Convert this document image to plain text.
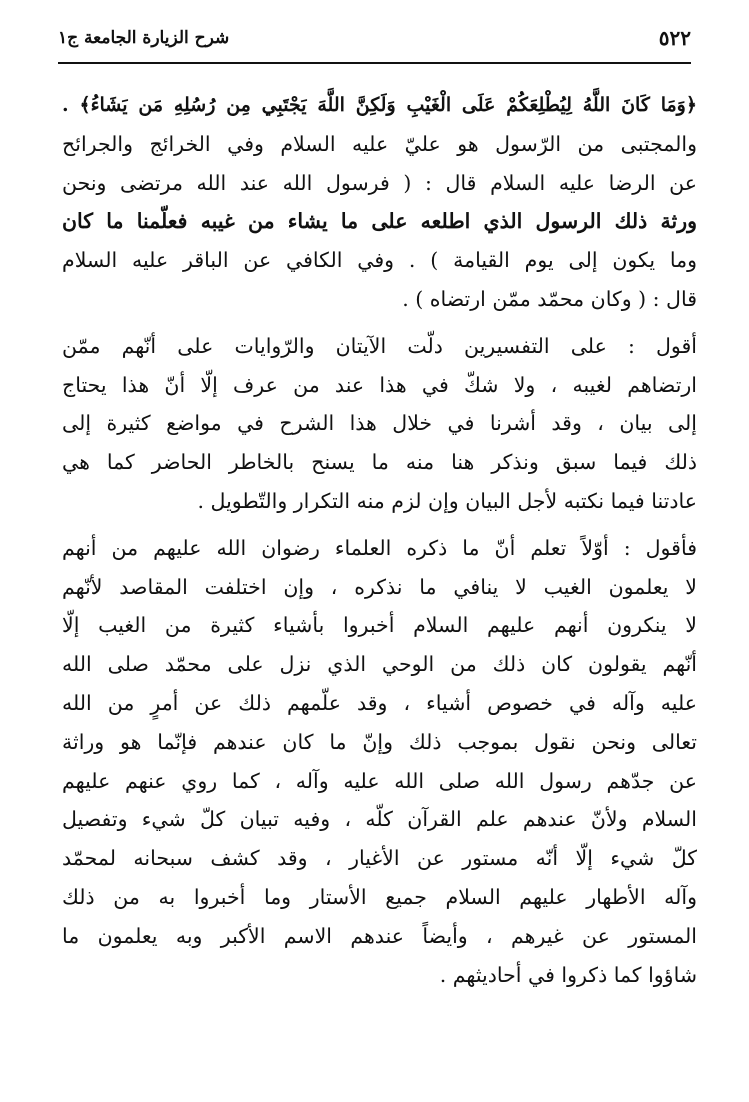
٥٢٢
شرح الزيارة الجامعة ج١
﴿وَمَا كَانَ اللَّهُ لِيُطْلِعَكُمْ عَلَى الْغَيْبِ وَلَكِنَّ اللَّهَ يَجْتَبِي مِن رُسُلِهِ مَن يَشَاءُ﴾ .
والمجتبى من الرّسول هو عليّ عليه السلام وفي الخرائج والجرائح
عن الرضا عليه السلام قال : ( فرسول الله عند الله مرتضى ونحن
ورثة ذلك الرسول الذي اطلعه على ما يشاء من غيبه فعلّمنا ما كان
وما يكون إلى يوم القيامة ) . وفي الكافي عن الباقر عليه السلام
قال : ( وكان محمّد ممّن ارتضاه ) .
أقول : على التفسيرين دلّت الآيتان والرّوايات على أنّهم ممّن
ارتضاهم لغيبه ، ولا شكّ في هذا عند من عرف إلّا أنّ هذا يحتاج
إلى بيان ، وقد أشرنا في خلال هذا الشرح في مواضع كثيرة إلى
ذلك فيما سبق ونذكر هنا منه ما يسنح بالخاطر الحاضر كما هي
عادتنا فيما نكتبه لأجل البيان وإن لزم منه التكرار والتّطويل .
فأقول : أوّلاً تعلم أنّ ما ذكره العلماء رضوان الله عليهم من أنهم
لا يعلمون الغيب لا ينافي ما نذكره ، وإن اختلفت المقاصد لأنّهم
لا ينكرون أنهم عليهم السلام أخبروا بأشياء كثيرة من الغيب إلّا
أنّهم يقولون كان ذلك من الوحي الذي نزل على محمّد صلى الله
عليه وآله في خصوص أشياء ، وقد علّمهم ذلك عن أمرٍ من الله
تعالى ونحن نقول بموجب ذلك وإنّ ما كان عندهم فإنّما هو وراثة
عن جدّهم رسول الله صلى الله عليه وآله ، كما روي عنهم عليهم
السلام ولأنّ عندهم علم القرآن كلّه ، وفيه تبيان كلّ شيء وتفصيل
كلّ شيء إلّا أنّه مستور عن الأغيار ، وقد كشف سبحانه لمحمّد
وآله الأطهار عليهم السلام جميع الأستار وما أخبروا به من ذلك
المستور عن غيرهم ، وأيضاً عندهم الاسم الأكبر وبه يعلمون ما
شاؤوا كما ذكروا في أحاديثهم .
